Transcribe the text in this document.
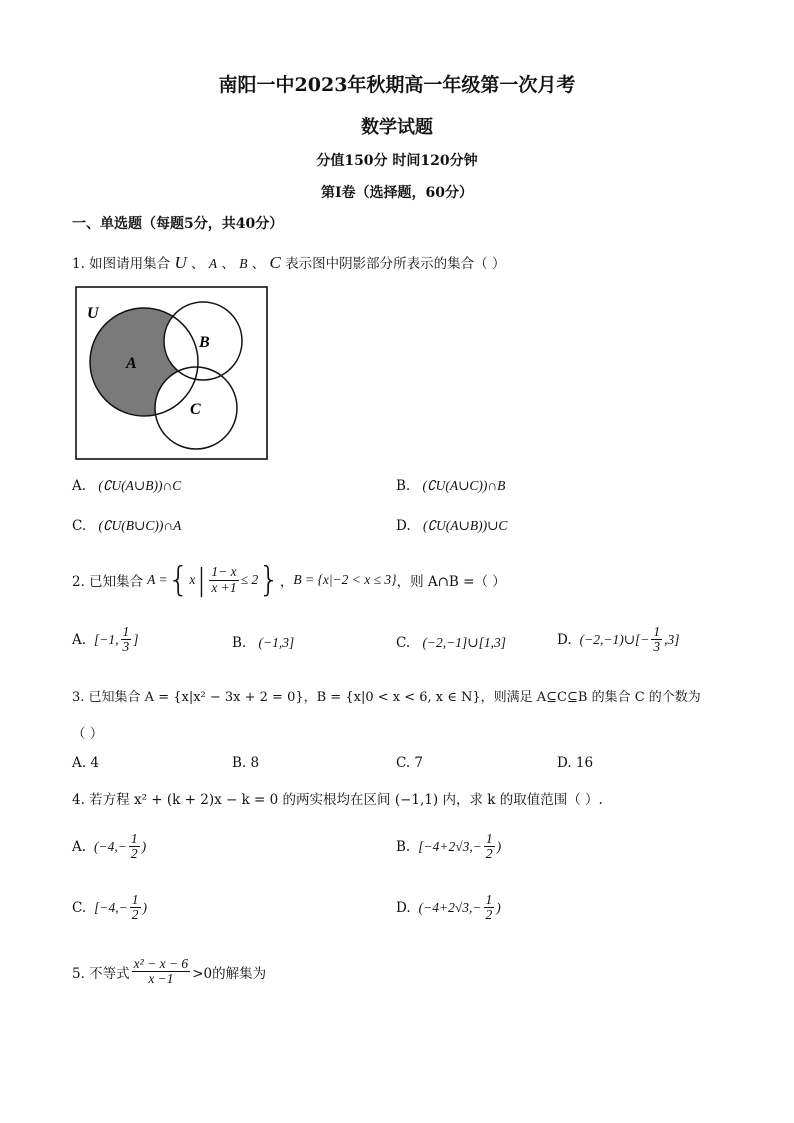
南阳一中2023年秋期高一年级第一次月考
数学试题
分值150分 时间120分钟
第Ⅰ卷（选择题，60分）
一、单选题（每题5分，共40分）
1. 如图请用集合 U 、 A 、 B 、 C 表示图中阴影部分所表示的集合（ ）
U
A
B
C
A. (∁U(A∪B))∩C	B. (∁U(A∪C))∩B
C. (∁U(B∪C))∩A	D. (∁U(A∪B))∪C
2. 已知集合 A = { x | $\frac{1- x}{x +1} \le 2$ } ， B = {x|−2 < x ≤ 3} ，则 A∩B =（ ）
A. [−1, $\frac{1}{3}$ ]	B. (−1,3]	C. (−2,−1]∪[1,3]	D. (−2,−1)∪[− $\frac{1}{3} ,3$]
3. 已知集合 A = {x|x² − 3x + 2 = 0}，B = {x|0 < x < 6, x ∈ N}，则满足 A⊆C⊆B 的集合 C 的个数为
（ ）
A. 4	B. 8	C. 7	D. 16
4. 若方程 x² + (k + 2)x − k = 0 的两实根均在区间 (−1,1) 内，求 k 的取值范围（ ）.
A. ($-4,- \frac{1}{2}$ )	B. [$-4+2√3,- \frac{1}{2}$ )
C. [$-4,- \frac{1}{2}$ )	D. ($-4+2√3,- \frac{1}{2}$ )
5. 不等式 $\frac{\text{x² − x − 6}}{x -1} >0$的解集为
